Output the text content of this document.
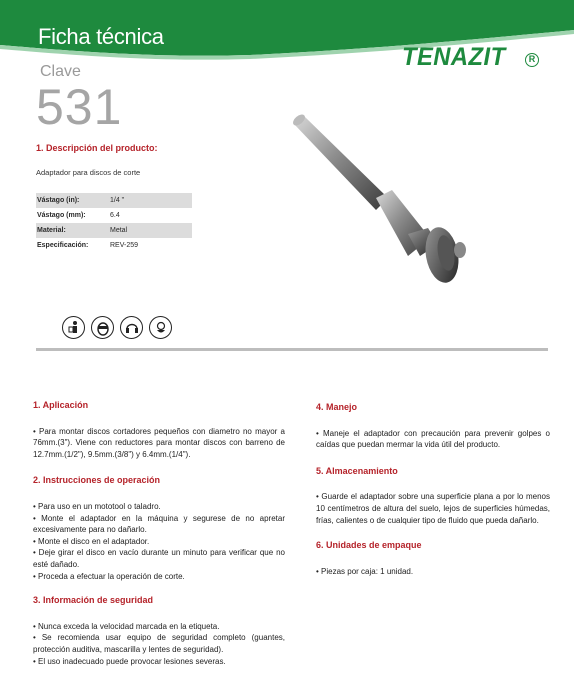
Ficha técnica
TENAZIT	R
Clave
531
1. Descripción del producto:
Adaptador para discos de corte
Vástago (in):	1/4 "
Vástago (mm):	6.4
Material:	Metal
Especificación:	REV-259
1. Aplicación
• Para montar discos cortadores pequeños con diametro no mayor a 76mm.(3"). Viene con reductores para montar discos con barreno de 12.7mm.(1/2"), 9.5mm.(3/8") y 6.4mm.(1/4").
2. Instrucciones de operación
• Para uso en un mototool o taladro.
• Monte el adaptador en la máquina y segurese de no apretar excesivamente para no dañarlo.
• Monte el disco en el adaptador.
• Deje girar el disco en vacío durante un minuto para verificar que no esté dañado.
• Proceda a efectuar la operación de corte.
3. Información de seguridad
• Nunca exceda la velocidad marcada en la etiqueta.
• Se recomienda usar equipo de seguridad completo (guantes, protección auditiva, mascarilla y lentes de seguridad).
• El uso inadecuado puede provocar lesiones severas.
4. Manejo
• Maneje el adaptador con precaución para prevenir golpes o caídas que puedan mermar la vida útil del producto.
5. Almacenamiento
• Guarde el adaptador sobre una superficie plana a por lo menos 10 centímetros de altura del suelo, lejos de superficies húmedas, frías, calientes o de cualquier tipo de fluido que pueda dañarlo.
6. Unidades de empaque
• Piezas por caja: 1 unidad.
